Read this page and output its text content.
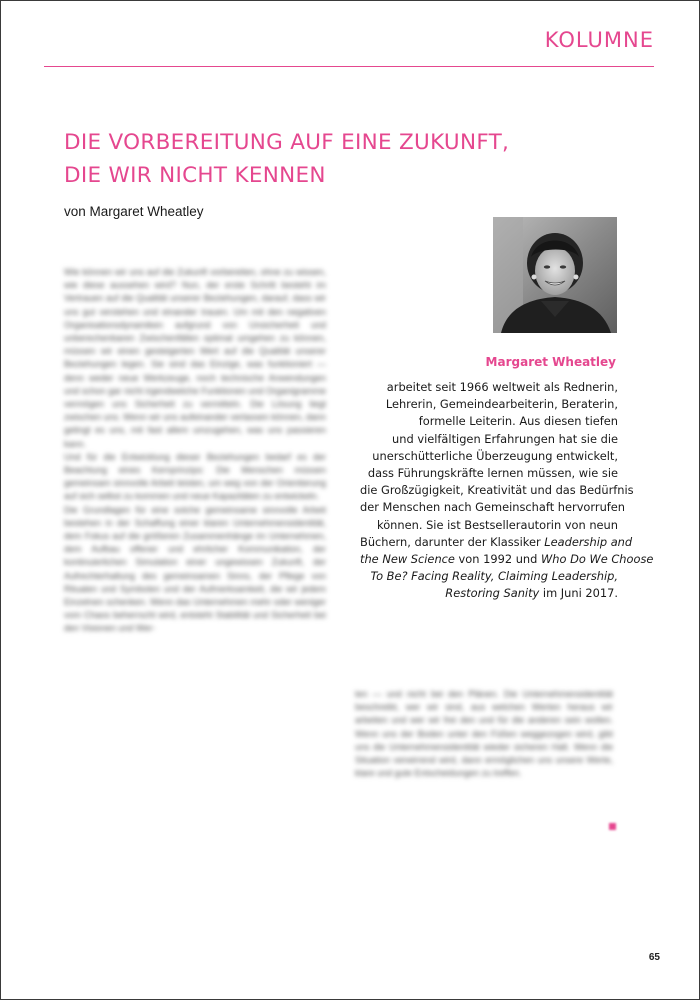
KOLUMNE
DIE VORBEREITUNG AUF EINE ZUKUNFT,
DIE WIR NICHT KENNEN
von Margaret Wheatley
Margaret Wheatley
arbeitet seit 1966 weltweit als Rednerin,
Lehrerin, Gemeindearbeiterin, Beraterin,
formelle Leiterin. Aus diesen tiefen
und vielfältigen Erfahrungen hat sie die
unerschütterliche Überzeugung entwickelt,
dass Führungskräfte lernen müssen, wie sie
die Großzügigkeit, Kreativität und das Bedürfnis
der Menschen nach Gemeinschaft hervorrufen
können. Sie ist Bestsellerautorin von neun
Büchern, darunter der Klassiker Leadership and
the New Science von 1992 und Who Do We Choose
To Be? Facing Reality, Claiming Leadership,
Restoring Sanity im Juni 2017.

Wie können wir uns auf die Zukunft vorbereiten, ohne zu wissen, wie diese aussehen wird? Nun, der erste Schritt besteht im Vertrauen auf die Qualität unserer Beziehungen, darauf, dass wir uns gut verstehen und einander trauen. Um mit den negativen Organisationsdynamiken aufgrund von Unsicherheit und unberechenbaren Zwischenfällen optimal umgehen zu können, müssen wir einen gesteigerten Wert auf die Qualität unserer Beziehungen legen. Sie sind das Einzige, was funktioniert — denn weder neue Werkzeuge, noch technische Anwendungen und schon gar nicht irgendwelche Funktionen und Organigramme vermögen uns Sicherheit zu vermitteln. Die Lösung liegt zwischen uns. Wenn wir uns aufeinander verlassen können, dann gelingt es uns, mit fast allem umzugehen, was uns passieren kann.

Und für die Entwicklung dieser Beziehungen bedarf es der Beachtung eines Kernprinzips: Die Menschen müssen gemeinsam sinnvolle Arbeit leisten, um weg von der Orientierung auf sich selbst zu kommen und neue Kapazitäten zu entwickeln.

Die Grundlagen für eine solche gemeinsame sinnvolle Arbeit bestehen in der Schaffung einer klaren Unternehmensidentität, dem Fokus auf die größeren Zusammenhänge im Unternehmen, dem Aufbau offener und ehrlicher Kommunikation, der kontinuierlichen Simulation einer ungewissen Zukunft, der Aufrechterhaltung des gemeinsamen Sinns, der Pflege von Ritualen und Symbolen und der Aufmerksamkeit, die wir jedem Einzelnen schenken. Wenn das Unternehmen mehr oder weniger vom Chaos beherrscht wird, entsteht Stabilität und Sicherheit bei den Visionen und Wer-

ten — und nicht bei den Plänen. Die Unternehmensidentität beschreibt, wer wir sind, aus welchen Werten heraus wir arbeiten und wer wir frei den und für die anderen sein wollen. Wenn uns der Boden unter den Füßen weggezogen wird, gibt uns die Unternehmensidentität wieder sicheren Halt. Wenn die Situation verwirrend wird, dann ermöglichen uns unsere Werte, klare und gute Entscheidungen zu treffen.

65
